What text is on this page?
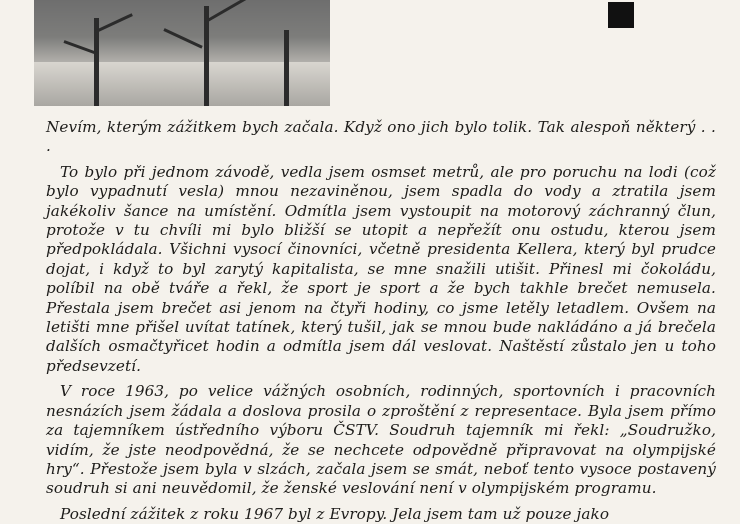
Nevím, kterým zážitkem bych začala. Když ono jich bylo tolik. Tak alespoň některý . . .

To bylo při jednom závodě, vedla jsem osmset metrů, ale pro poruchu na lodi (což bylo vypadnutí vesla) mnou nezaviněnou, jsem spadla do vody a ztratila jsem jakékoliv šance na umístění. Odmítla jsem vystoupit na motorový záchranný člun, protože v tu chvíli mi bylo bližší se utopit a nepřežít onu ostudu, kterou jsem předpokládala. Všichni vysocí činovníci, včetně presidenta Kellera, který byl prudce dojat, i když to byl zarytý kapitalista, se mne snažili utišit. Přinesl mi čokoládu, políbil na obě tváře a řekl, že sport je sport a že bych takhle brečet nemusela. Přestala jsem brečet asi jenom na čtyři hodiny, co jsme letěly letadlem. Ovšem na letišti mne přišel uvítat tatínek, který tušil, jak se mnou bude nakládáno a já brečela dalších osmačtyřicet hodin a odmítla jsem dál veslovat. Naštěstí zůstalo jen u toho předsevzetí.

V roce 1963, po velice vážných osobních, rodinných, sportovních i pracovních nesnázích jsem žádala a doslova prosila o zproštění z representace. Byla jsem přímo za tajemníkem ústředního výboru ČSTV. Soudruh tajemník mi řekl: „Soudružko, vidím, že jste neodpovědná, že se nechcete odpovědně připravovat na olympijské hry“. Přestože jsem byla v slzách, začala jsem se smát, neboť tento vysoce postavený soudruh si ani neuvědomil, že ženské veslování není v olympijském programu.

Poslední zážitek z roku 1967 byl z Evropy. Jela jsem tam už pouze jako
